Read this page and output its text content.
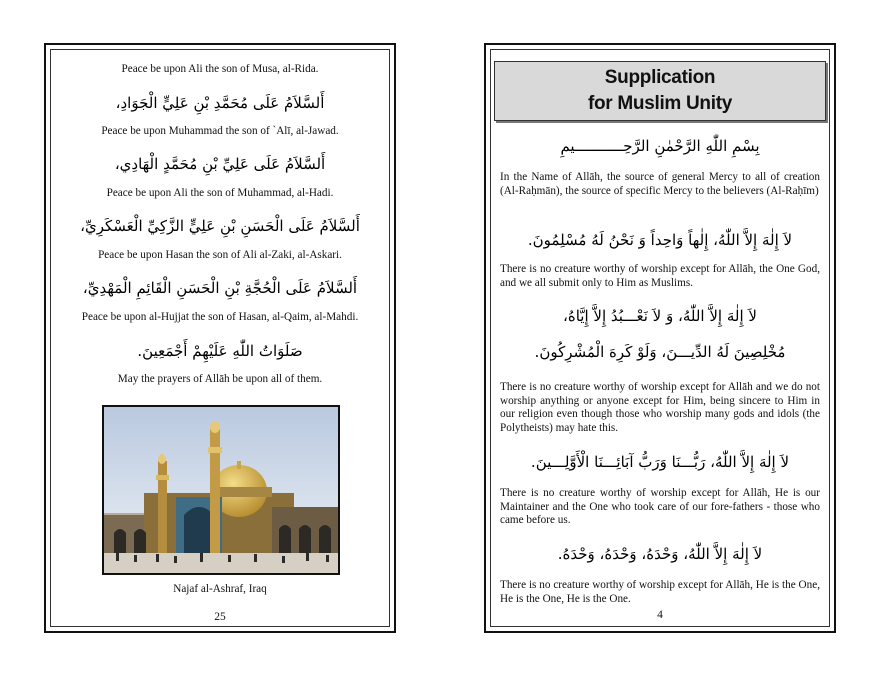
Peace be upon Ali the son of Musa, al-Rida.
أَلسَّلاَمُ عَلَى مُحَمَّدِ بْنِ عَلِيٍّ الْجَوَادِ،
Peace be upon Muhammad the son of `Alī, al-Jawad.
أَلسَّلاَمُ عَلَى عَلِيِّ بْنِ مُحَمَّدٍ الْهَادِي،
Peace be upon Ali the son of Muhammad, al-Hadi.
أَلسَّلاَمُ عَلَى الْحَسَنِ بْنِ عَلِيٍّ الزَّكِيِّ الْعَسْكَرِيِّ،
Peace be upon Hasan the son of Ali al-Zaki, al-Askari.
أَلسَّلاَمُ عَلَى الْحُجَّةِ بْنِ الْحَسَنِ الْقَائِمِ الْمَهْدِيِّ،
Peace be upon al-Hujjat the son of Hasan, al-Qaim, al-Mahdi.
صَلَوَاتُ اللّٰهِ عَلَيْهِمْ أَجْمَعِينَ.
May the prayers of Allāh be upon all of them.
Najaf al-Ashraf, Iraq
25
Supplication
for Muslim Unity
بِسْمِ اللّٰهِ الرَّحْمٰنِ الرَّحِـــــــــــيمِ
In the Name of Allāh, the source of general Mercy to all of creation (Al-Raḥmān), the source of specific Mercy to the believers (Al-Raḥīm)
لاَ إِلٰهَ إِلاَّ اللّٰهُ، إِلٰهاً وَاحِداً وَ نَحْنُ لَهُ مُسْلِمُونَ.
There is no creature worthy of worship except for Allāh, the One God, and we all submit only to Him as Muslims.
لاَ إِلٰهَ إِلاَّ اللّٰهُ، وَ لاَ نَعْـــبُدُ إِلاَّ إِيَّاهُ،
مُخْلِصِينَ لَهُ الدِّيـــنَ، وَلَوْ كَرِهَ الْمُشْرِكُونَ.
There is no creature worthy of worship except for Allāh and we do not worship anything or anyone except for Him, being sincere to Him in our religion even though those who worship many gods and idols (the Polytheists) may hate this.
لاَ إِلٰهَ إِلاَّ اللّٰهُ، رَبُّـــنَا وَرَبُّ آبَائِـــنَا الْأَوَّلِـــينَ.
There is no creature worthy of worship except for Allāh, He is our Maintainer and the One who took care of our fore-fathers - those who came before us.
لاَ إِلٰهَ إِلاَّ اللّٰهُ، وَحْدَهُ، وَحْدَهُ، وَحْدَهُ.
There is no creature worthy of worship except for Allāh, He is the One, He is the One, He is the One.
4
